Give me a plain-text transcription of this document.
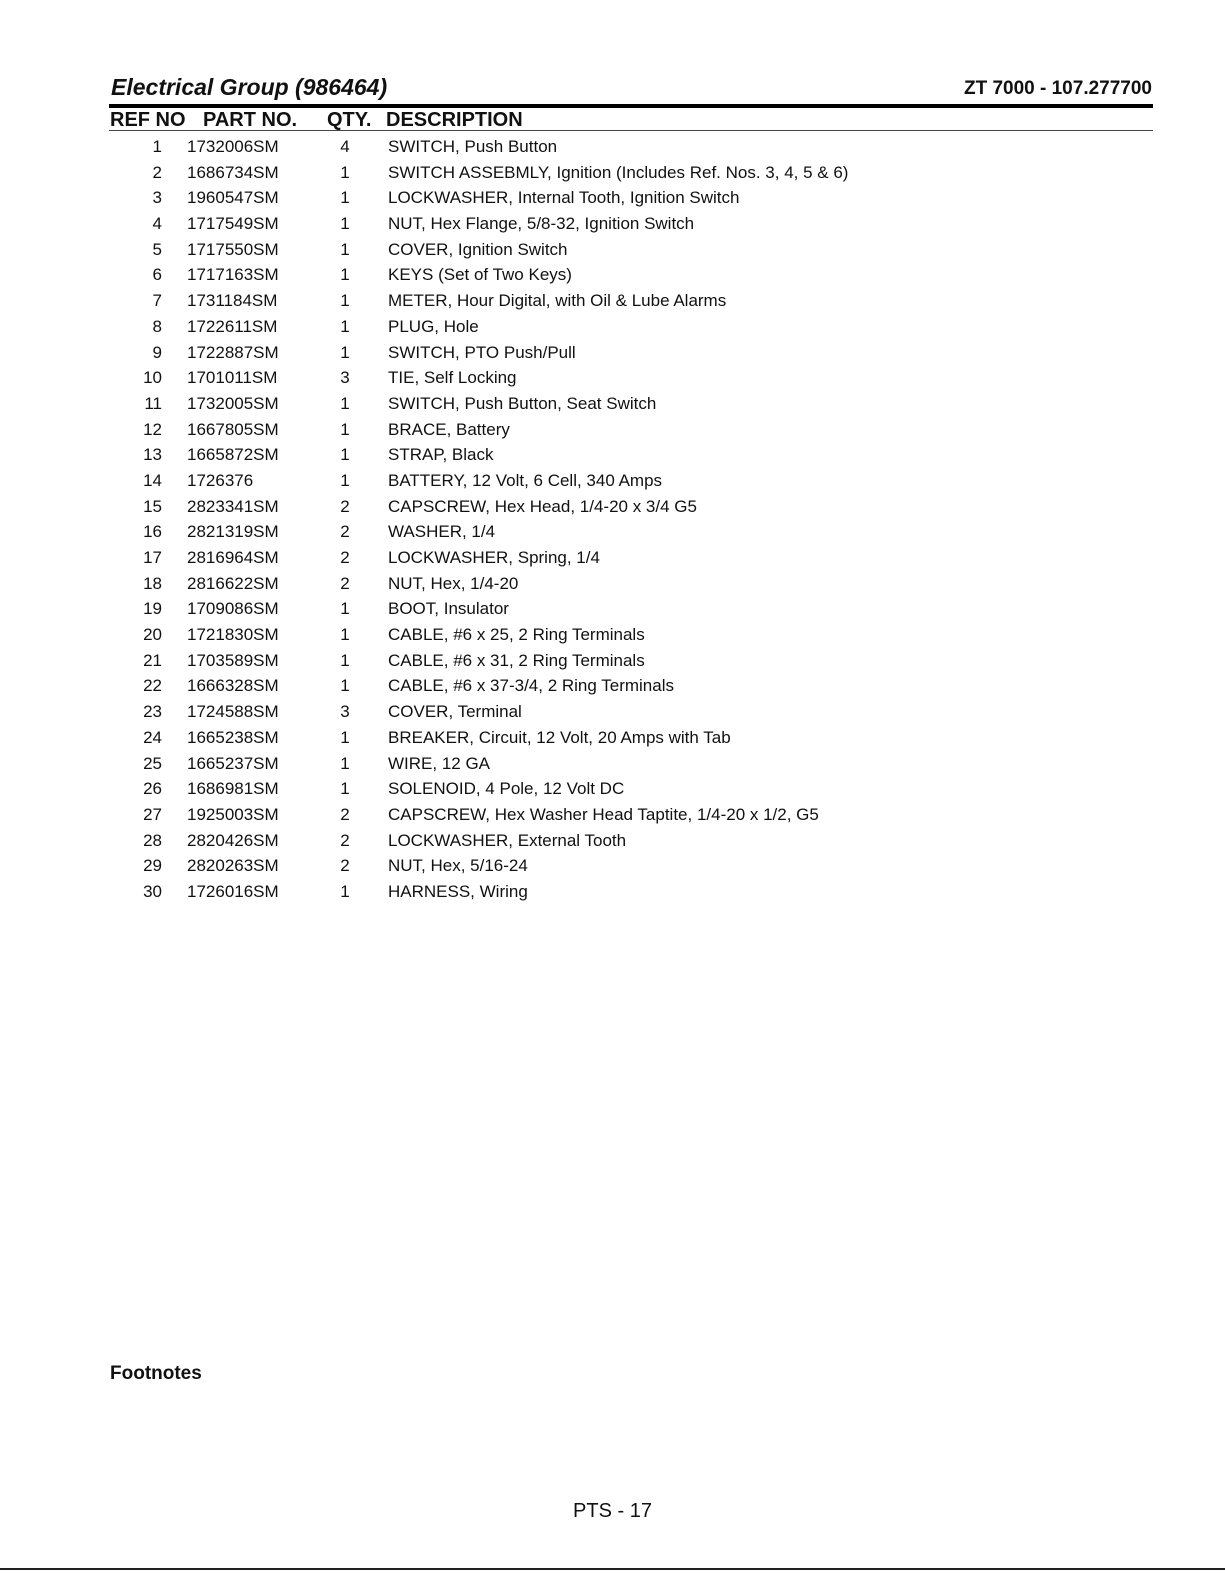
Electrical Group (986464)	ZT 7000 - 107.277700
REF NO PART NO. QTY. DESCRIPTION
1 1732006SM	4	SWITCH, Push Button
2 1686734SM	1	SWITCH ASSEBMLY, Ignition (Includes Ref. Nos. 3, 4, 5 & 6)
3 1960547SM	1	LOCKWASHER, Internal Tooth, Ignition Switch
4 1717549SM	1	NUT, Hex Flange, 5/8-32, Ignition Switch
5 1717550SM	1	COVER, Ignition Switch
6 1717163SM	1	KEYS (Set of Two Keys)
7 1731184SM	1	METER, Hour Digital, with Oil & Lube Alarms
8 1722611SM	1	PLUG, Hole
9 1722887SM	1	SWITCH, PTO Push/Pull
10 1701011SM	3	TIE, Self Locking
11 1732005SM	1	SWITCH, Push Button, Seat Switch
12 1667805SM	1	BRACE, Battery
13 1665872SM	1	STRAP, Black
14 1726376	1	BATTERY, 12 Volt, 6 Cell, 340 Amps
15 2823341SM	2	CAPSCREW, Hex Head, 1/4-20 x 3/4 G5
16 2821319SM	2	WASHER, 1/4
17 2816964SM	2	LOCKWASHER, Spring, 1/4
18 2816622SM	2	NUT, Hex, 1/4-20
19 1709086SM	1	BOOT, Insulator
20 1721830SM	1	CABLE, #6 x 25, 2 Ring Terminals
21 1703589SM	1	CABLE, #6 x 31, 2 Ring Terminals
22 1666328SM	1	CABLE, #6 x 37-3/4, 2 Ring Terminals
23 1724588SM	3	COVER, Terminal
24 1665238SM	1	BREAKER, Circuit, 12 Volt, 20 Amps with Tab
25 1665237SM	1	WIRE, 12 GA
26 1686981SM	1	SOLENOID, 4 Pole, 12 Volt DC
27 1925003SM	2	CAPSCREW, Hex Washer Head Taptite, 1/4-20 x 1/2, G5
28 2820426SM	2	LOCKWASHER, External Tooth
29 2820263SM	2	NUT, Hex, 5/16-24
30 1726016SM	1	HARNESS, Wiring
Footnotes
PTS - 17
